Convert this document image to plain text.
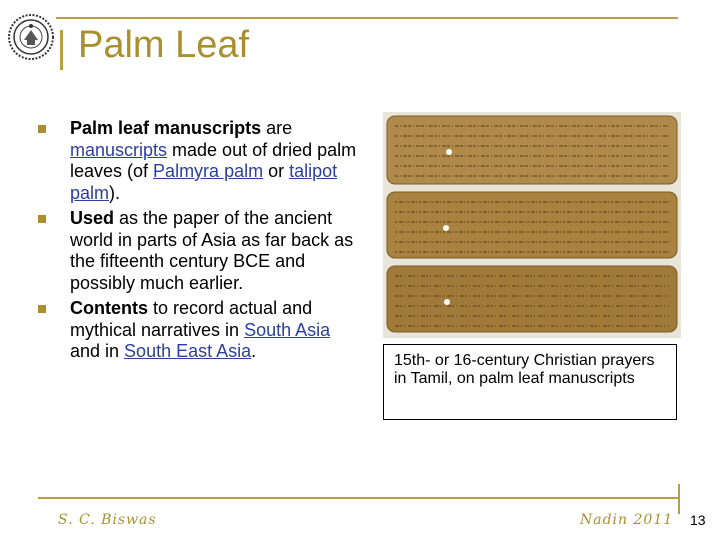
Palm Leaf
Palm leaf manuscripts are manuscripts made out of dried palm leaves (of Palmyra palm or talipot palm).
Used as the paper of the ancient world in parts of Asia as far back as the fifteenth century BCE and possibly much earlier.
Contents to record actual and mythical narratives in South Asia and in South East Asia.	15th- or 16-century Christian prayers in Tamil, on palm leaf manuscripts
S. C. Biswas	Nadin 2011 13
